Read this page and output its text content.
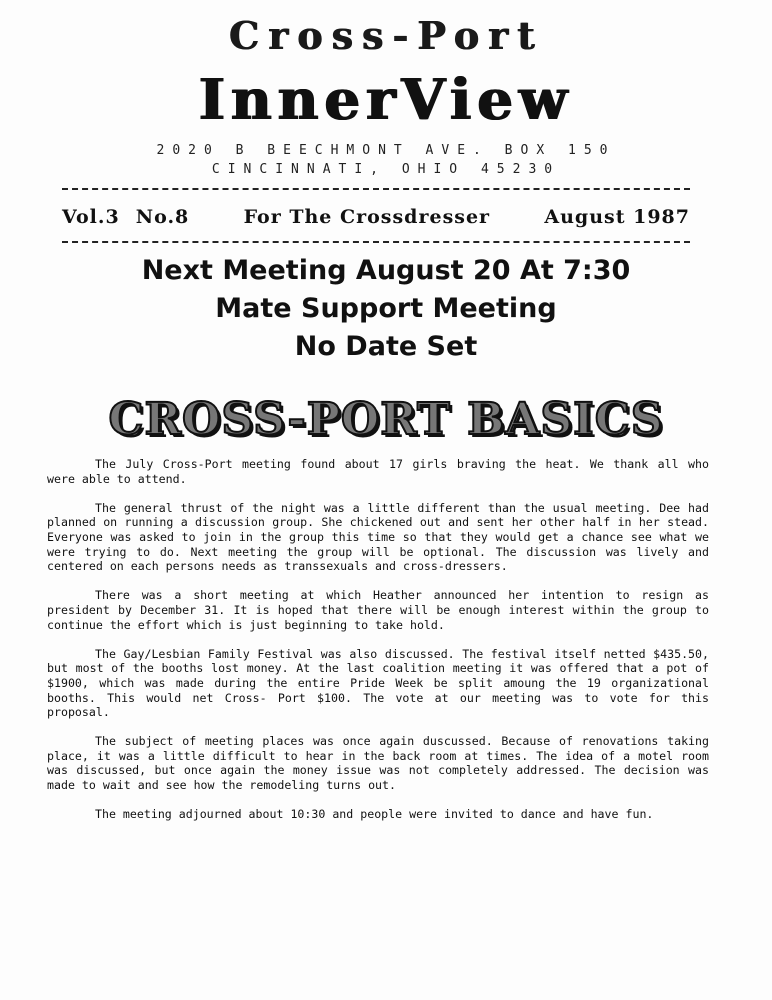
Cross-Port
InnerView
2020 B BEECHMONT AVE. BOX 150
CINCINNATI, OHIO 45230
Vol.3 No.8	For The Crossdresser	August 1987
Next Meeting August 20 At 7:30
Mate Support Meeting
No Date Set
CROSS-PORT BASICS

The July Cross-Port meeting found about 17 girls braving the heat. We thank all who were able to attend.

The general thrust of the night was a little different than the usual meeting. Dee had planned on running a discussion group. She chickened out and sent her other half in her stead. Everyone was asked to join in the group this time so that they would get a chance see what we were trying to do. Next meeting the group will be optional. The discussion was lively and centered on each persons needs as transsexuals and cross-dressers.

There was a short meeting at which Heather announced her intention to resign as president by December 31. It is hoped that there will be enough interest within the group to continue the effort which is just beginning to take hold.

The Gay/Lesbian Family Festival was also discussed. The festival itself netted $435.50, but most of the booths lost money. At the last coalition meeting it was offered that a pot of $1900, which was made during the entire Pride Week be split amoung the 19 organizational booths. This would net Cross- Port $100. The vote at our meeting was to vote for this proposal.

The subject of meeting places was once again duscussed. Because of renovations taking place, it was a little difficult to hear in the back room at times. The idea of a motel room was discussed, but once again the money issue was not completely addressed. The decision was made to wait and see how the remodeling turns out.

The meeting adjourned about 10:30 and people were invited to dance and have fun.
